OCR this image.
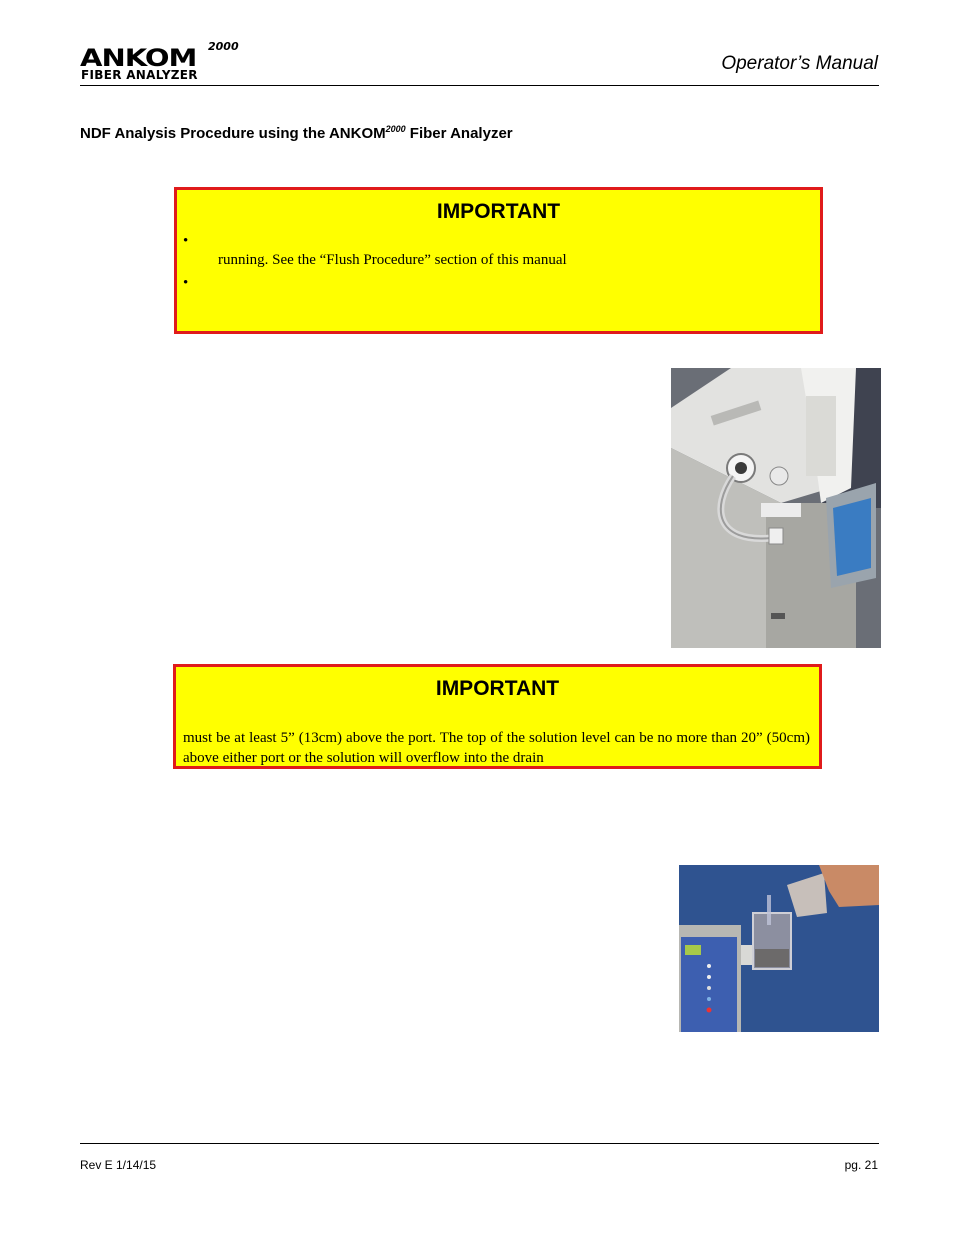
ANKOM 2000
FIBER ANALYZER
Operator’s Manual
NDF Analysis Procedure using the $ANKOM^{2000}$ Fiber Analyzer
IMPORTANT
•
running. See the “Flush Procedure” section of this manual
•
IMPORTANT
must be at least 5” (13cm) above the port. The top of the solution level can be no more than 20” (50cm) above either port or the solution will overflow into the drain
Rev E 1/14/15	pg. 21
